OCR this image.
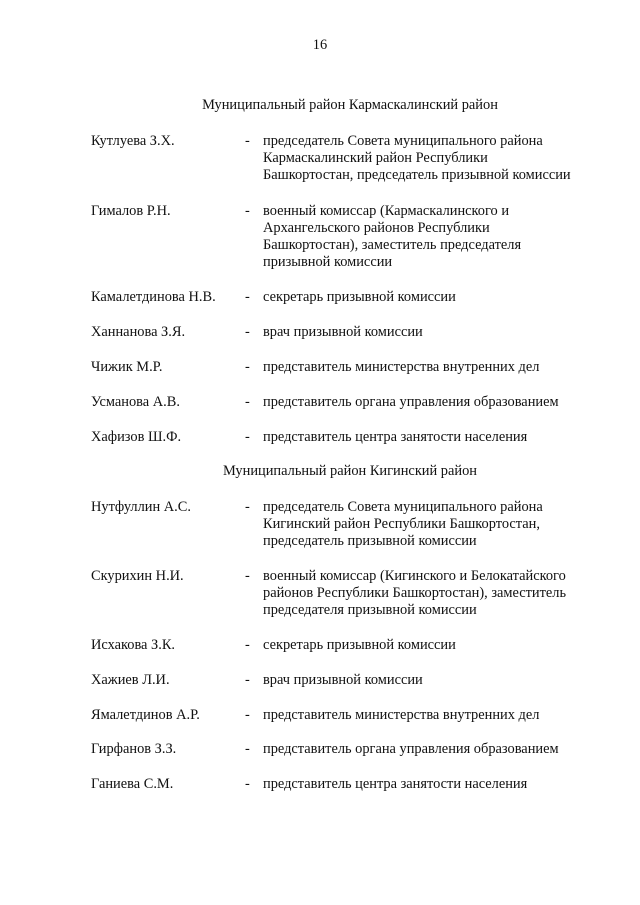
16
Муниципальный район Кармаскалинский район
Кутлуева З.Х.	- председатель Совета муниципального района
Кармаскалинский район Республики
Башкортостан, председатель призывной комиссии
Гималов Р.Н.	- военный комиссар (Кармаскалинского и
Архангельского районов Республики
Башкортостан), заместитель председателя
призывной комиссии
Камалетдинова Н.В. - секретарь призывной комиссии
Ханнанова З.Я.	- врач призывной комиссии
Чижик М.Р.	- представитель министерства внутренних дел
Усманова А.В.	- представитель органа управления образованием
Хафизов Ш.Ф.	- представитель центра занятости населения
Муниципальный район Кигинский район
Нутфуллин А.С.	- председатель Совета муниципального района
Кигинский район Республики Башкортостан,
председатель призывной комиссии
Скурихин Н.И.	- военный комиссар (Кигинского и Белокатайского
районов Республики Башкортостан), заместитель
председателя призывной комиссии
Исхакова З.К.	- секретарь призывной комиссии
Хажиев Л.И.	- врач призывной комиссии
Ямалетдинов А.Р.	- представитель министерства внутренних дел
Гирфанов З.З.	- представитель органа управления образованием
Ганиева С.М.	- представитель центра занятости населения
